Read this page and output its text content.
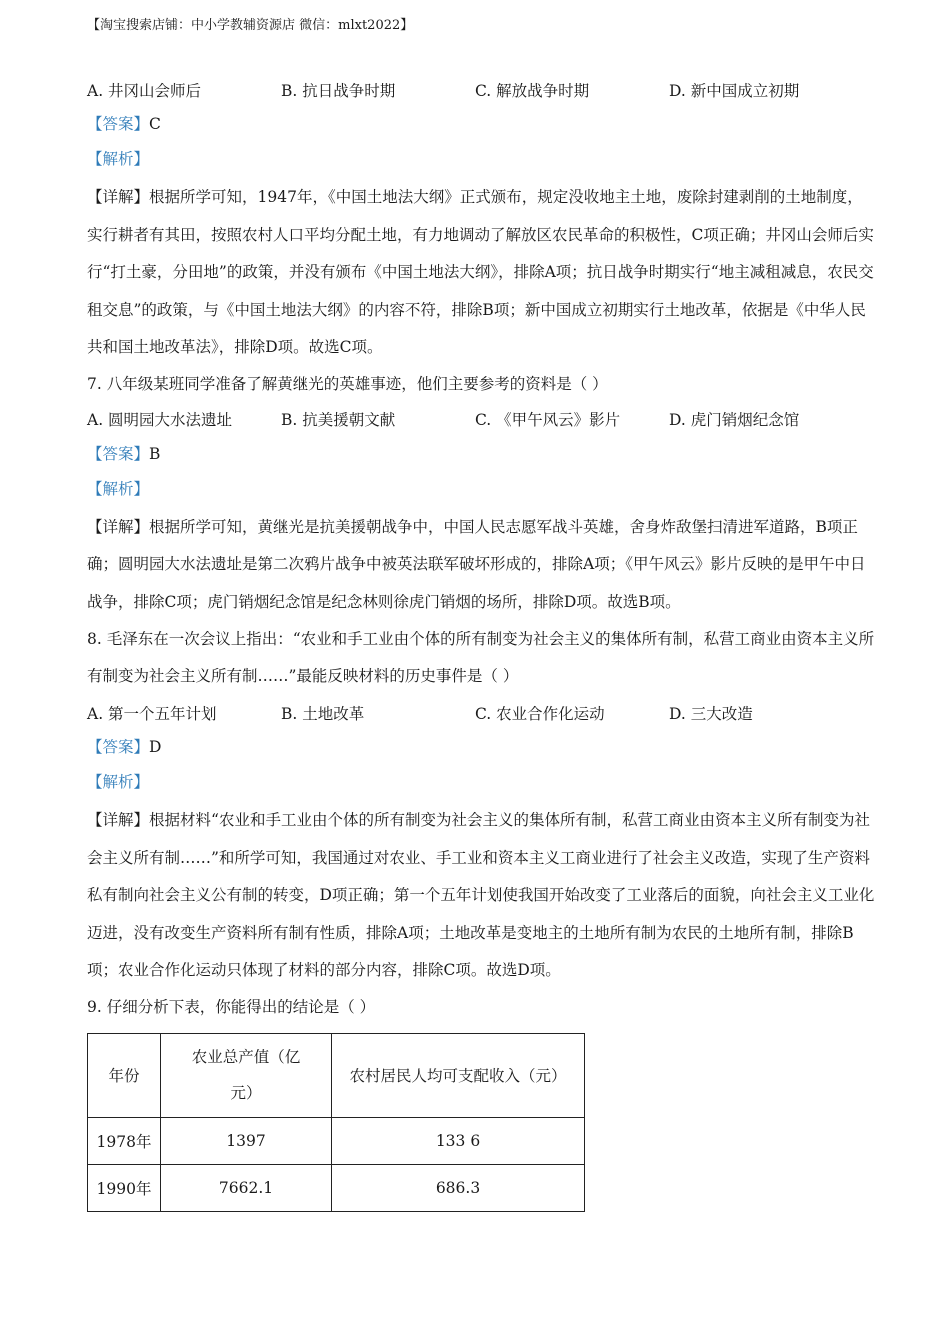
【淘宝搜索店铺：中小学教辅资源店 微信：mlxt2022】
A. 井冈山会师后	B. 抗日战争时期	C. 解放战争时期	D. 新中国成立初期
【答案】C
【解析】
【详解】根据所学可知，1947年，《中国土地法大纲》正式颁布，规定没收地主土地，废除封建剥削的土地制度，实行耕者有其田，按照农村人口平均分配土地，有力地调动了解放区农民革命的积极性，C项正确；井冈山会师后实行“打土豪，分田地”的政策，并没有颁布《中国土地法大纲》，排除A项；抗日战争时期实行“地主减租减息，农民交租交息”的政策，与《中国土地法大纲》的内容不符，排除B项；新中国成立初期实行土地改革，依据是《中华人民共和国土地改革法》，排除D项。故选C项。
7. 八年级某班同学准备了解黄继光的英雄事迹，他们主要参考的资料是（ ）
A. 圆明园大水法遗址	B. 抗美援朝文献	C. 《甲午风云》影片	D. 虎门销烟纪念馆
【答案】B
【解析】
【详解】根据所学可知，黄继光是抗美援朝战争中，中国人民志愿军战斗英雄，舍身炸敌堡扫清进军道路，B项正确；圆明园大水法遗址是第二次鸦片战争中被英法联军破坏形成的，排除A项；《甲午风云》影片反映的是甲午中日战争，排除C项；虎门销烟纪念馆是纪念林则徐虎门销烟的场所，排除D项。故选B项。
8. 毛泽东在一次会议上指出：“农业和手工业由个体的所有制变为社会主义的集体所有制，私营工商业由资本主义所有制变为社会主义所有制……”最能反映材料的历史事件是（ ）
A. 第一个五年计划	B. 土地改革	C. 农业合作化运动	D. 三大改造
【答案】D
【解析】
【详解】根据材料“农业和手工业由个体的所有制变为社会主义的集体所有制，私营工商业由资本主义所有制变为社会主义所有制……”和所学可知，我国通过对农业、手工业和资本主义工商业进行了社会主义改造，实现了生产资料私有制向社会主义公有制的转变，D项正确；第一个五年计划使我国开始改变了工业落后的面貌，向社会主义工业化迈进，没有改变生产资料所有制有性质，排除A项；土地改革是变地主的土地所有制为农民的土地所有制，排除B项；农业合作化运动只体现了材料的部分内容，排除C项。故选D项。
9. 仔细分析下表，你能得出的结论是（ ）
年份	农业总产值（亿元）	农村居民人均可支配收入（元）
1978年	1397	133 6
1990年	7662.1	686.3
